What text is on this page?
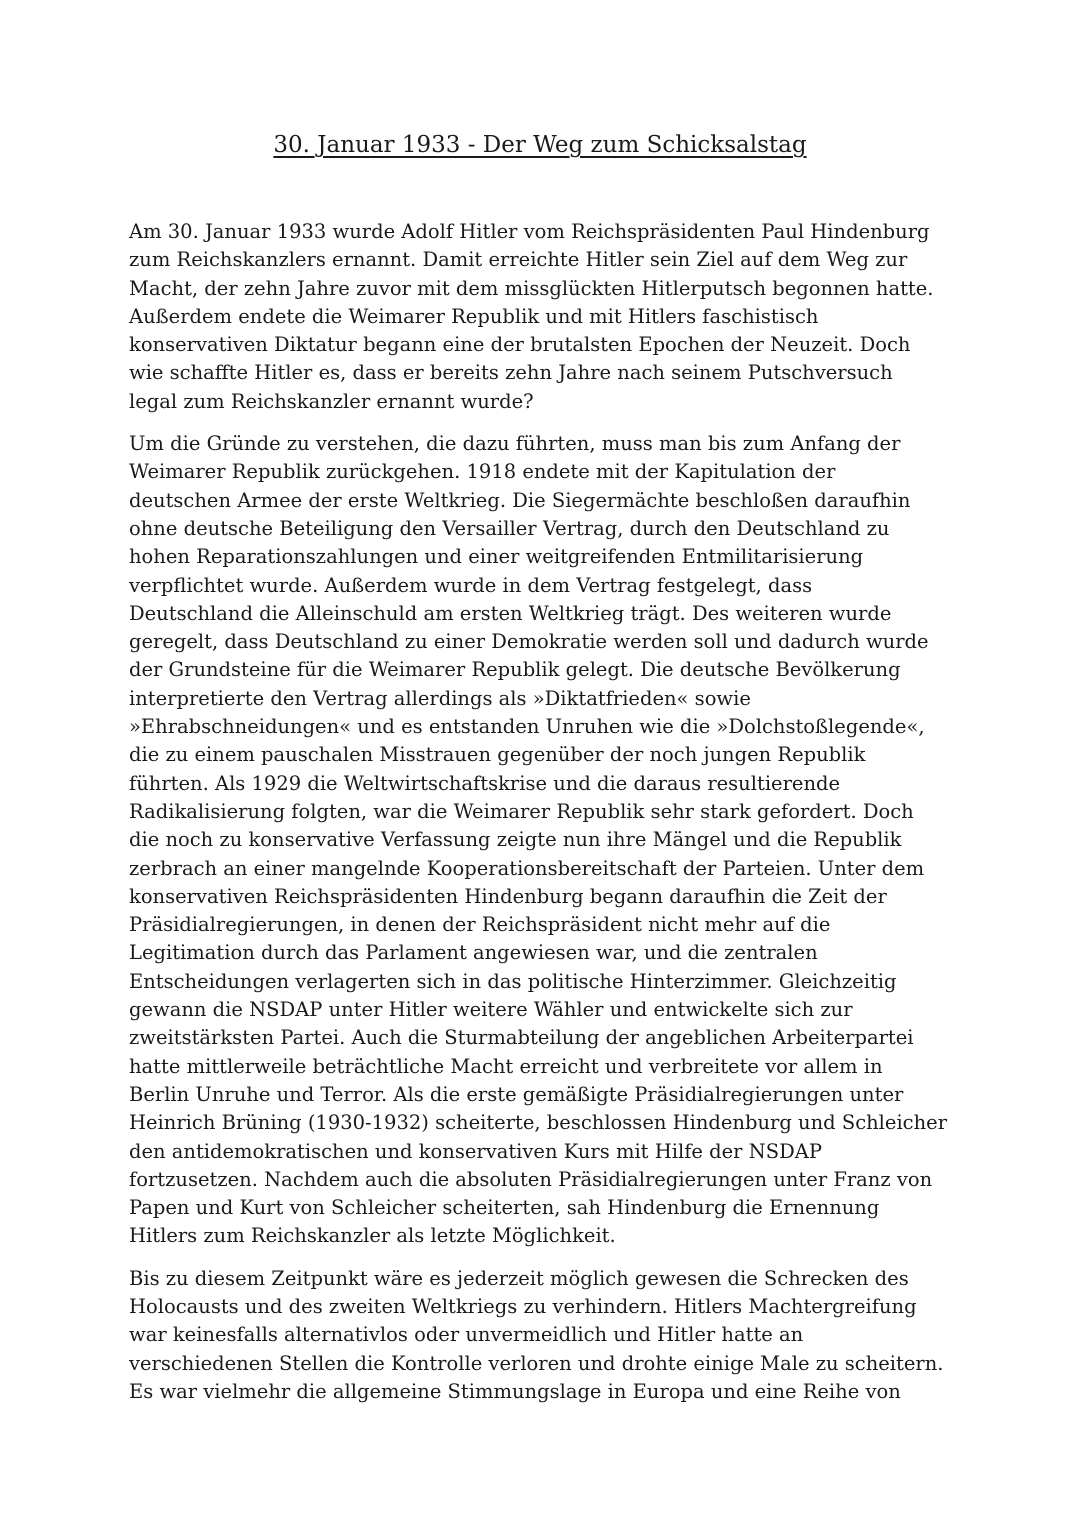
30. Januar 1933 - Der Weg zum Schicksalstag

Am 30. Januar 1933 wurde Adolf Hitler vom Reichspräsidenten Paul Hindenburg
zum Reichskanzlers ernannt. Damit erreichte Hitler sein Ziel auf dem Weg zur
Macht, der zehn Jahre zuvor mit dem missglückten Hitlerputsch begonnen hatte.
Außerdem endete die Weimarer Republik und mit Hitlers faschistisch
konservativen Diktatur begann eine der brutalsten Epochen der Neuzeit. Doch
wie schaffte Hitler es, dass er bereits zehn Jahre nach seinem Putschversuch
legal zum Reichskanzler ernannt wurde?

Um die Gründe zu verstehen, die dazu führten, muss man bis zum Anfang der
Weimarer Republik zurückgehen. 1918 endete mit der Kapitulation der
deutschen Armee der erste Weltkrieg. Die Siegermächte beschloßen daraufhin
ohne deutsche Beteiligung den Versailler Vertrag, durch den Deutschland zu
hohen Reparationszahlungen und einer weitgreifenden Entmilitarisierung
verpflichtet wurde. Außerdem wurde in dem Vertrag festgelegt, dass
Deutschland die Alleinschuld am ersten Weltkrieg trägt. Des weiteren wurde
geregelt, dass Deutschland zu einer Demokratie werden soll und dadurch wurde
der Grundsteine für die Weimarer Republik gelegt. Die deutsche Bevölkerung
interpretierte den Vertrag allerdings als »Diktatfrieden« sowie
»Ehrabschneidungen« und es entstanden Unruhen wie die »Dolchstoßlegende«,
die zu einem pauschalen Misstrauen gegenüber der noch jungen Republik
führten. Als 1929 die Weltwirtschaftskrise und die daraus resultierende
Radikalisierung folgten, war die Weimarer Republik sehr stark gefordert. Doch
die noch zu konservative Verfassung zeigte nun ihre Mängel und die Republik
zerbrach an einer mangelnde Kooperationsbereitschaft der Parteien. Unter dem
konservativen Reichspräsidenten Hindenburg begann daraufhin die Zeit der
Präsidialregierungen, in denen der Reichspräsident nicht mehr auf die
Legitimation durch das Parlament angewiesen war, und die zentralen
Entscheidungen verlagerten sich in das politische Hinterzimmer. Gleichzeitig
gewann die NSDAP unter Hitler weitere Wähler und entwickelte sich zur
zweitstärksten Partei. Auch die Sturmabteilung der angeblichen Arbeiterpartei
hatte mittlerweile beträchtliche Macht erreicht und verbreitete vor allem in
Berlin Unruhe und Terror. Als die erste gemäßigte Präsidialregierungen unter
Heinrich Brüning (1930-1932) scheiterte, beschlossen Hindenburg und Schleicher
den antidemokratischen und konservativen Kurs mit Hilfe der NSDAP
fortzusetzen. Nachdem auch die absoluten Präsidialregierungen unter Franz von
Papen und Kurt von Schleicher scheiterten, sah Hindenburg die Ernennung
Hitlers zum Reichskanzler als letzte Möglichkeit.

Bis zu diesem Zeitpunkt wäre es jederzeit möglich gewesen die Schrecken des
Holocausts und des zweiten Weltkriegs zu verhindern. Hitlers Machtergreifung
war keinesfalls alternativlos oder unvermeidlich und Hitler hatte an
verschiedenen Stellen die Kontrolle verloren und drohte einige Male zu scheitern.
Es war vielmehr die allgemeine Stimmungslage in Europa und eine Reihe von
